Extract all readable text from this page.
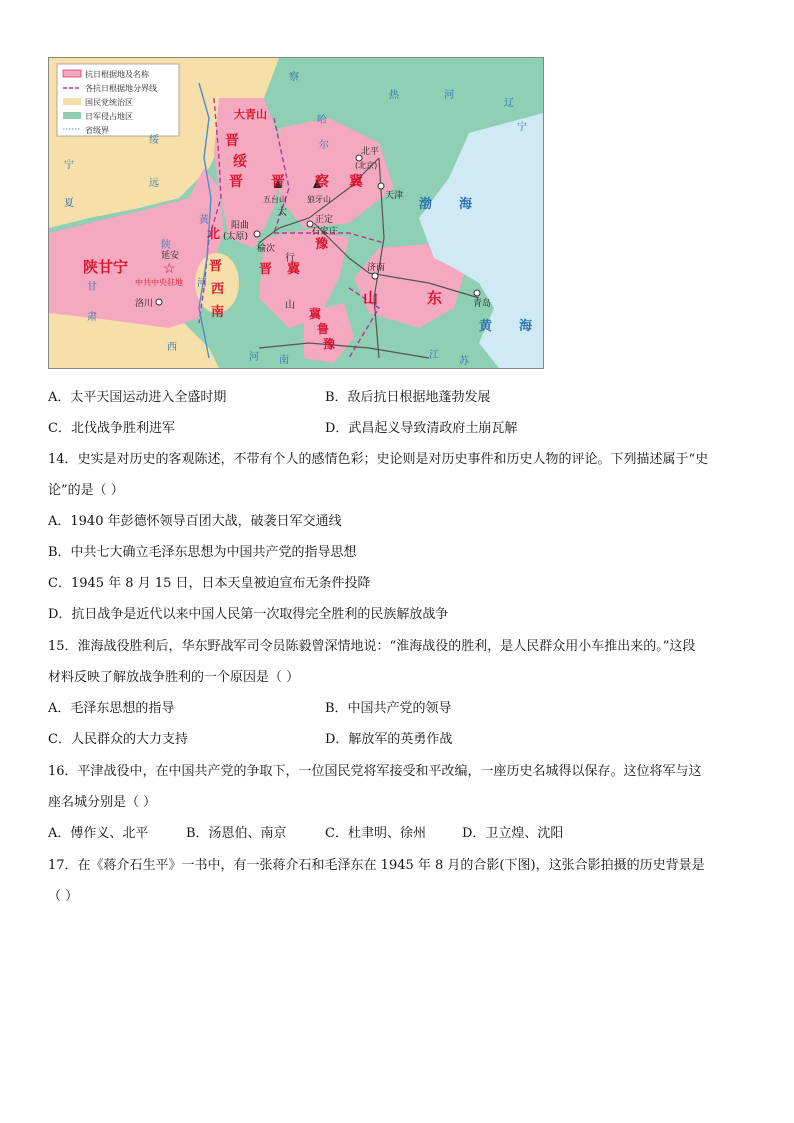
☆
抗日根据地及名称
各抗日根据地分界线
国民党统治区
日军侵占地区
省级界
陕甘宁
大青山
晋
绥
晋
晋
西
南
晋 察 冀
晋 冀
豫
山	东
冀
鲁
豫
延安
中共中央驻地
洛川
阳曲
北 (太原)
榆次
五台山	狼牙山
太
行
山
正定
石家庄
北平
(北京)
天津
济南
青岛
绥
远
察
哈
尔
热	河
辽
宁
宁
夏
甘
肃
陕
西
河 南	江
苏
黄
河
渤 海
黄 海
A．太平天国运动进入全盛时期	B．敌后抗日根据地蓬勃发展
C．北伐战争胜利进军	D．武昌起义导致清政府土崩瓦解
14．史实是对历史的客观陈述，不带有个人的感情色彩；史论则是对历史事件和历史人物的评论。下列描述属于“史
论”的是（ ）
A．1940 年彭德怀领导百团大战，破袭日军交通线
B．中共七大确立毛泽东思想为中国共产党的指导思想
C．1945 年 8 月 15 日，日本天皇被迫宣布无条件投降
D．抗日战争是近代以来中国人民第一次取得完全胜利的民族解放战争
15．淮海战役胜利后，华东野战军司令员陈毅曾深情地说：“淮海战役的胜利，是人民群众用小车推出来的。”这段
材料反映了解放战争胜利的一个原因是（ ）
A．毛泽东思想的指导	B．中国共产党的领导
C．人民群众的大力支持	D．解放军的英勇作战
16．平津战役中，在中国共产党的争取下，一位国民党将军接受和平改编，一座历史名城得以保存。这位将军与这
座名城分别是（ ）
A．傅作义、北平	B．汤恩伯、南京	C．杜聿明、徐州	D．卫立煌、沈阳
17．在《蒋介石生平》一书中，有一张蒋介石和毛泽东在 1945 年 8 月的合影(下图)，这张合影拍摄的历史背景是
（ ）
